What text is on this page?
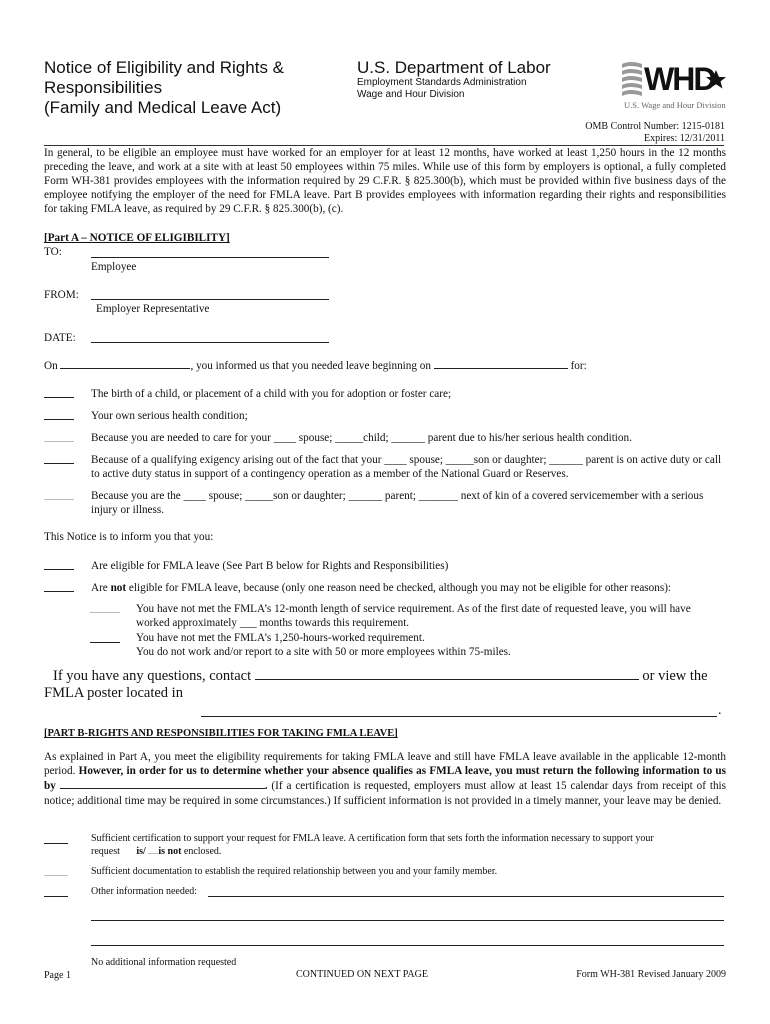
Notice of Eligibility and Rights &
Responsibilities
(Family and Medical Leave Act)
U.S. Department of Labor
Employment Standards Administration
Wage and Hour Division	WHD
U.S. Wage and Hour Division
OMB Control Number: 1215-0181
Expires: 12/31/2011
In general, to be eligible an employee must have worked for an employer for at least 12 months, have worked at least 1,250 hours in the 12 months preceding the leave, and work at a site with at least 50 employees within 75 miles. While use of this form by employers is optional, a fully completed Form WH-381 provides employees with the information required by 29 C.F.R. § 825.300(b), which must be provided within five business days of the employee notifying the employer of the need for FMLA leave. Part B provides employees with information regarding their rights and responsibilities for taking FMLA leave, as required by 29 C.F.R. § 825.300(b), (c).
[Part A – NOTICE OF ELIGIBILITY]
TO:
Employee
FROM:
Employer Representative
DATE:
On	, you informed us that you needed leave beginning on	for:
The birth of a child, or placement of a child with you for adoption or foster care;
Your own serious health condition;
Because you are needed to care for your ____ spouse; _____child; ______ parent due to his/her serious health condition.
Because of a qualifying exigency arising out of the fact that your ____ spouse; _____son or daughter; ______ parent is on active duty or call to active duty status in support of a contingency operation as a member of the National Guard or Reserves.
Because you are the ____ spouse; _____son or daughter; ______ parent; _______ next of kin of a covered servicemember with a serious injury or illness.
This Notice is to inform you that you:
Are eligible for FMLA leave (See Part B below for Rights and Responsibilities)
Are not eligible for FMLA leave, because (only one reason need be checked, although you may not be eligible for other reasons):
You have not met the FMLA’s 12-month length of service requirement. As of the first date of requested leave, you will have worked approximately ___ months towards this requirement.
You have not met the FMLA’s 1,250-hours-worked requirement.
You do not work and/or report to a site with 50 or more employees within 75-miles.
If you have any questions, contact	or view the
FMLA poster located in
.
[PART B-RIGHTS AND RESPONSIBILITIES FOR TAKING FMLA LEAVE]
As explained in Part A, you meet the eligibility requirements for taking FMLA leave and still have FMLA leave available in the applicable 12-month period. However, in order for us to determine whether your absence qualifies as FMLA leave, you must return the following information to us by	. (If a certification is requested, employers must allow at least 15 calendar days from receipt of this notice; additional time may be required in some circumstances.) If sufficient information is not provided in a timely manner, your leave may be denied.
Sufficient certification to support your request for FMLA leave. A certification form that sets forth the information necessary to support your
request is/ is not enclosed.
Sufficient documentation to establish the required relationship between you and your family member.
Other information needed:
No additional information requested
Page 1	CONTINUED ON NEXT PAGE	Form WH-381 Revised January 2009
